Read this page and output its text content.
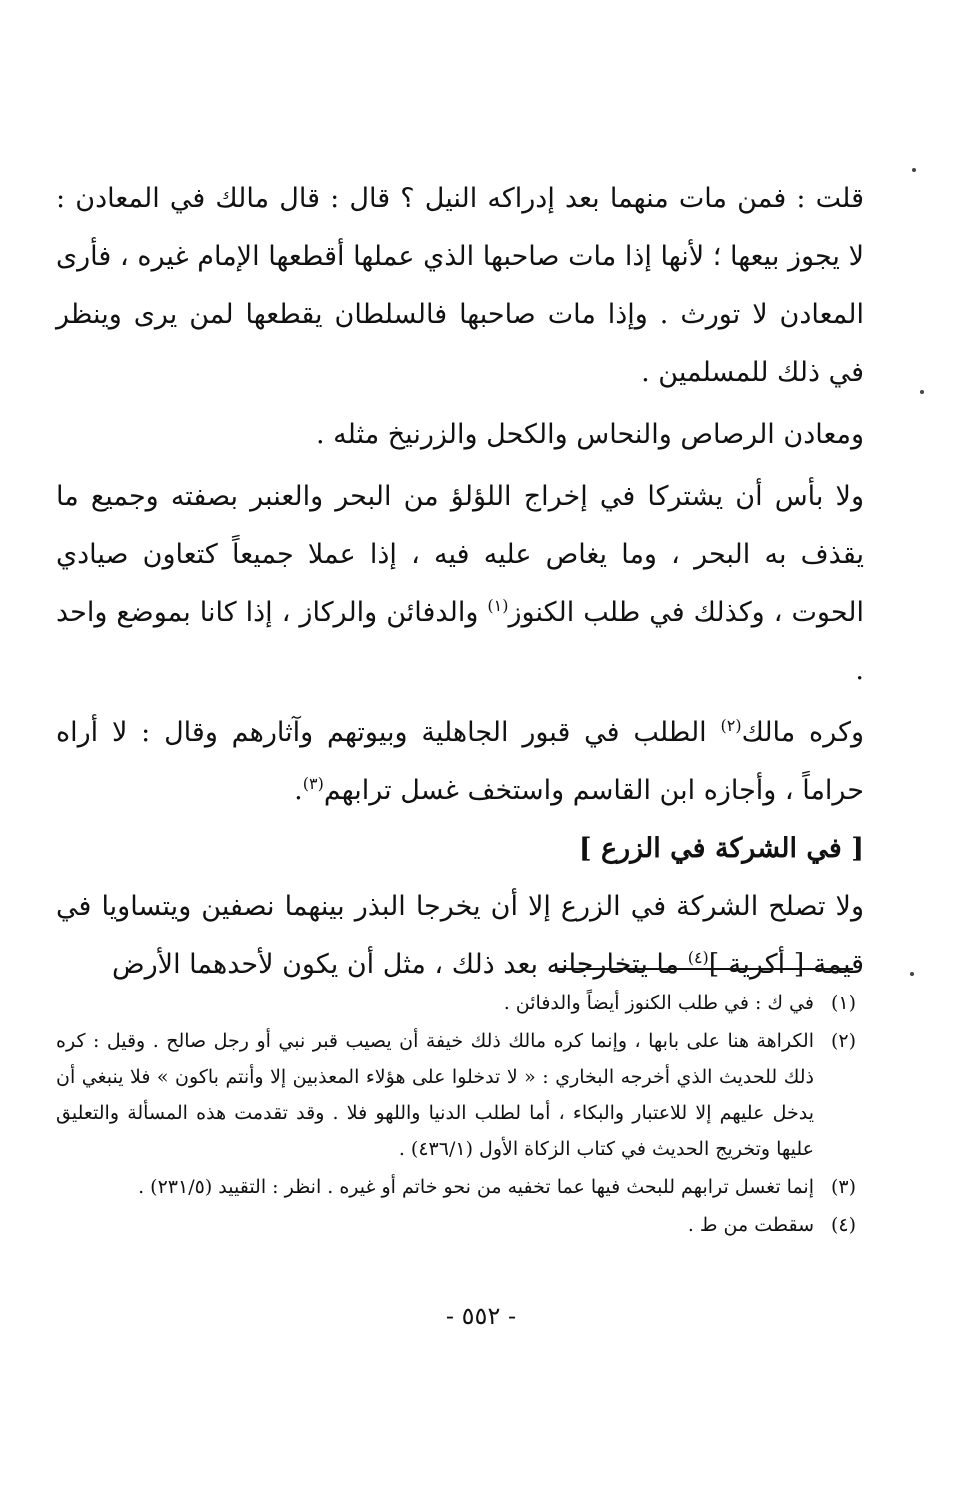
قلت : فمن مات منهما بعد إدراكه النيل ؟ قال : قال مالك في المعادن : لا يجوز بيعها ؛ لأنها إذا مات صاحبها الذي عملها أقطعها الإمام غيره ، فأرى المعادن لا تورث . وإذا مات صاحبها فالسلطان يقطعها لمن يرى وينظر في ذلك للمسلمين .

ومعادن الرصاص والنحاس والكحل والزرنيخ مثله .

ولا بأس أن يشتركا في إخراج اللؤلؤ من البحر والعنبر بصفته وجميع ما يقذف به البحر ، وما يغاص عليه فيه ، إذا عملا جميعاً كتعاون صيادي الحوت ، وكذلك في طلب الكنوز$^{(١)}$ والدفائن والركاز ، إذا كانا بموضع واحد .

وكره مالك$^{(٢)}$ الطلب في قبور الجاهلية وبيوتهم وآثارهم وقال : لا أراه حراماً ، وأجازه ابن القاسم واستخف غسل ترابهم$^{(٣)}$.

[ في الشركة في الزرع ]

ولا تصلح الشركة في الزرع إلا أن يخرجا البذر بينهما نصفين ويتساويا في قيمة [ أكرية ]$^{(٤)}$ ما يتخارجانه بعد ذلك ، مثل أن يكون لأحدهما الأرض

(١)
في ك : في طلب الكنوز أيضاً والدفائن .
(٢)
الكراهة هنا على بابها ، وإنما كره مالك ذلك خيفة أن يصيب قبر نبي أو رجل صالح . وقيل : كره ذلك للحديث الذي أخرجه البخاري : « لا تدخلوا على هؤلاء المعذبين إلا وأنتم باكون » فلا ينبغي أن يدخل عليهم إلا للاعتبار والبكاء ، أما لطلب الدنيا واللهو فلا . وقد تقدمت هذه المسألة والتعليق عليها وتخريج الحديث في كتاب الزكاة الأول (٤٣٦/١) .
(٣)
إنما تغسل ترابهم للبحث فيها عما تخفيه من نحو خاتم أو غيره . انظر : التقييد (٢٣١/٥) .
(٤)
سقطت من ط .
- ٥٥٢ -
